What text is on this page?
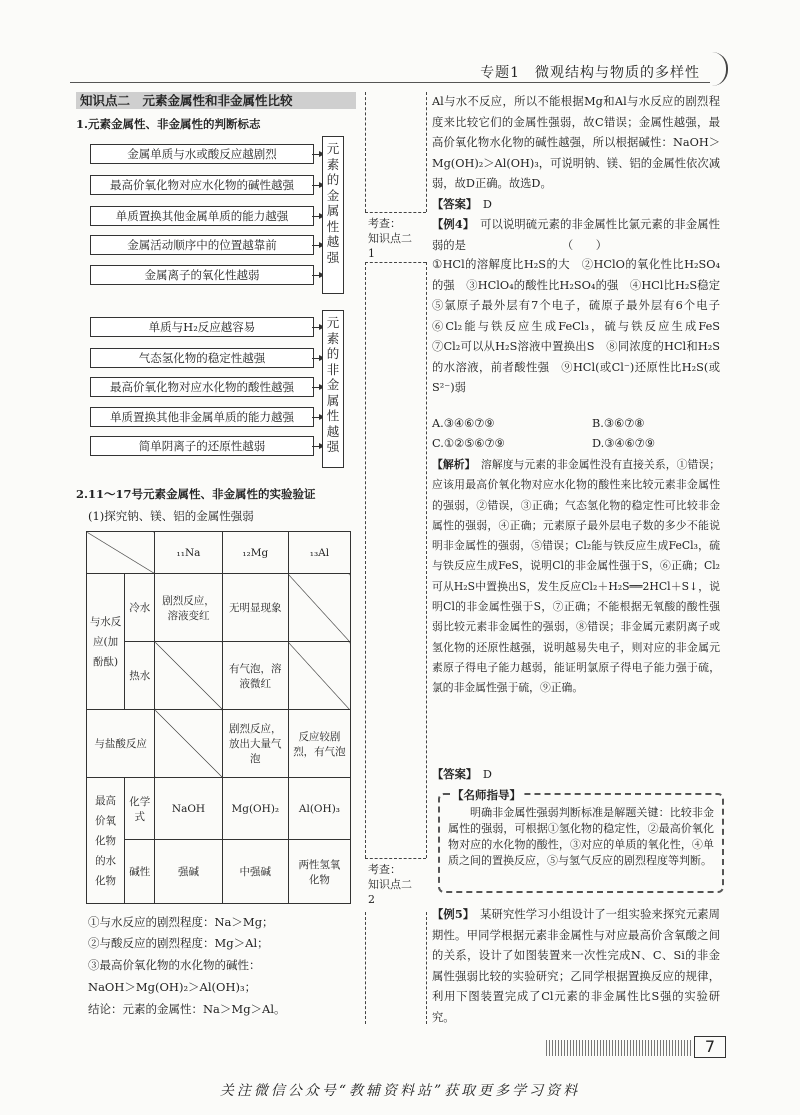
专题1　微观结构与物质的多样性
知识点二　元素金属性和非金属性比较
1.元素金属性、非金属性的判断标志
金属单质与水或酸反应越剧烈
最高价氧化物对应水化物的碱性越强
单质置换其他金属单质的能力越强
金属活动顺序中的位置越靠前
金属离子的氧化性越弱
元素的金属性越强
单质与H₂反应越容易
气态氢化物的稳定性越强
最高价氧化物对应水化物的酸性越强
单质置换其他非金属单质的能力越强
简单阴离子的还原性越弱
元素的非金属性越强
2.11～17号元素金属性、非金属性的实验验证
(1)探究钠、镁、铝的金属性强弱
		₁₁Na	₁₂Mg	₁₃Al
与水反应(加酚酞)	冷水	剧烈反应，溶液变红	无明显现象	
	热水		有气泡，溶液微红	
与盐酸反应			剧烈反应，放出大量气泡	反应较剧烈，有气泡
最高价氧化物的水化物	化学式	NaOH	Mg(OH)₂	Al(OH)₃
	碱性	强碱	中强碱	两性氢氧化物
①与水反应的剧烈程度：Na＞Mg；
②与酸反应的剧烈程度：Mg＞Al；
③最高价氧化物的水化物的碱性：
NaOH＞Mg(OH)₂＞Al(OH)₃；
结论：元素的金属性：Na＞Mg＞Al。
考查：
知识点二
1
考查：
知识点二
2
Al与水不反应，所以不能根据Mg和Al与水反应的剧烈程度来比较它们的金属性强弱，故C错误；金属性越强，最高价氧化物水化物的碱性越强，所以根据碱性：NaOH＞Mg(OH)₂＞Al(OH)₃，可说明钠、镁、铝的金属性依次减弱，故D正确。故选D。
【答案】　 D
【例4】　 可以说明硫元素的非金属性比氯元素的非金属性弱的是　　　　　　　　　（　　）
①HCl的溶解度比H₂S的大　②HClO的氧化性比H₂SO₄的强　③HClO₄的酸性比H₂SO₄的强　④HCl比H₂S稳定　⑤氯原子最外层有7个电子，硫原子最外层有6个电子　⑥Cl₂能与铁反应生成FeCl₃，硫与铁反应生成FeS　⑦Cl₂可以从H₂S溶液中置换出S　⑧同浓度的HCl和H₂S的水溶液，前者酸性强　⑨HCl(或Cl⁻)还原性比H₂S(或S²⁻)弱
A.③④⑥⑦⑨	B.③⑥⑦⑧
C.①②⑤⑥⑦⑨	D.③④⑥⑦⑨
【解析】　 溶解度与元素的非金属性没有直接关系，①错误；应该用最高价氧化物对应水化物的酸性来比较元素非金属性的强弱，②错误，③正确；气态氢化物的稳定性可比较非金属性的强弱，④正确；元素原子最外层电子数的多少不能说明非金属性的强弱，⑤错误；Cl₂能与铁反应生成FeCl₃，硫与铁反应生成FeS，说明Cl的非金属性强于S，⑥正确；Cl₂可从H₂S中置换出S，发生反应Cl₂＋H₂S══2HCl＋S↓，说明Cl的非金属性强于S，⑦正确；不能根据无氧酸的酸性强弱比较元素非金属性的强弱，⑧错误；非金属元素阴离子或氢化物的还原性越强，说明越易失电子，则对应的非金属元素原子得电子能力越弱，能证明氯原子得电子能力强于硫，氯的非金属性强于硫，⑨正确。
【答案】　 D
明确非金属性强弱判断标准是解题关键：比较非金属性的强弱，可根据①氢化物的稳定性，②最高价氧化物对应的水化物的酸性，③对应的单质的氧化性，④单质之间的置换反应，⑤与氢气反应的剧烈程度等判断。
【名师指导】
【例5】　 某研究性学习小组设计了一组实验来探究元素周期性。甲同学根据元素非金属性与对应最高价含氧酸之间的关系，设计了如图装置来一次性完成N、C、Si的非金属性强弱比较的实验研究；乙同学根据置换反应的规律，利用下图装置完成了Cl元素的非金属性比S强的实验研究。
7
关注微信公众号“教辅资料站”获取更多学习资料
